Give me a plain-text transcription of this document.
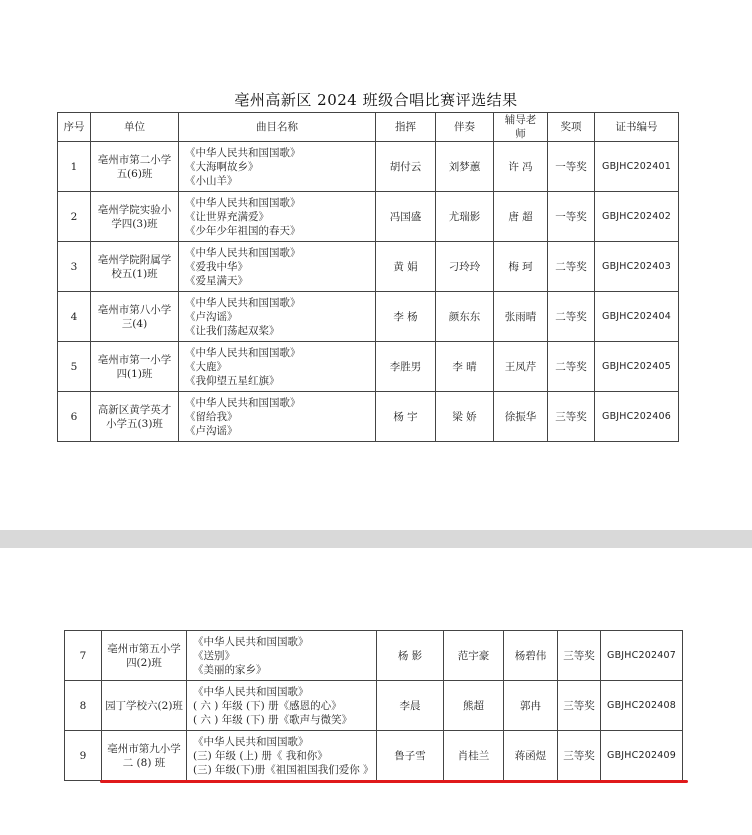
亳州高新区 2024 班级合唱比赛评选结果
序号	单位	曲目名称	指挥	伴奏	辅导老师	奖项	证书编号
1	亳州市第二小学五(6)班	《中华人民共和国国歌》
《大海啊故乡》
《小山羊》	胡付云	刘梦蕙	许 冯	一等奖	GBJHC202401
2	亳州学院实验小学四(3)班	《中华人民共和国国歌》
《让世界充满爱》
《少年少年祖国的春天》	冯国盛	尤瑞影	唐 超	一等奖	GBJHC202402
3	亳州学院附属学校五(1)班	《中华人民共和国国歌》
《爱我中华》
《爱星满天》	黄 娟	刁玲玲	梅 珂	二等奖	GBJHC202403
4	亳州市第八小学三(4)	《中华人民共和国国歌》
《卢沟谣》
《让我们荡起双桨》	李 杨	颜东东	张雨晴	二等奖	GBJHC202404
5	亳州市第一小学四(1)班	《中华人民共和国国歌》
《大鹿》
《我仰望五星红旗》	李胜男	李 晴	王凤芹	二等奖	GBJHC202405
6	高新区黄学英才小学五(3)班	《中华人民共和国国歌》
《留给我》
《卢沟谣》	杨 宇	梁 娇	徐振华	三等奖	GBJHC202406
7	亳州市第五小学四(2)班	《中华人民共和国国歌》
《送别》
《美丽的家乡》	杨 影	范宇豪	杨碧伟	三等奖	GBJHC202407
8	园丁学校六(2)班	《中华人民共和国国歌》
( 六 ) 年级 (下) 册《感恩的心》
( 六 ) 年级 (下) 册《歌声与微笑》	李晨	熊超	郭冉	三等奖	GBJHC202408
9	亳州市第九小学二 (8) 班	《中华人民共和国国歌》
(三) 年级 (上) 册《 我和你》
(三) 年级(下)册《祖国祖国我们爱你 》	鲁子雪	肖桂兰	蒋函煜	三等奖	GBJHC202409
